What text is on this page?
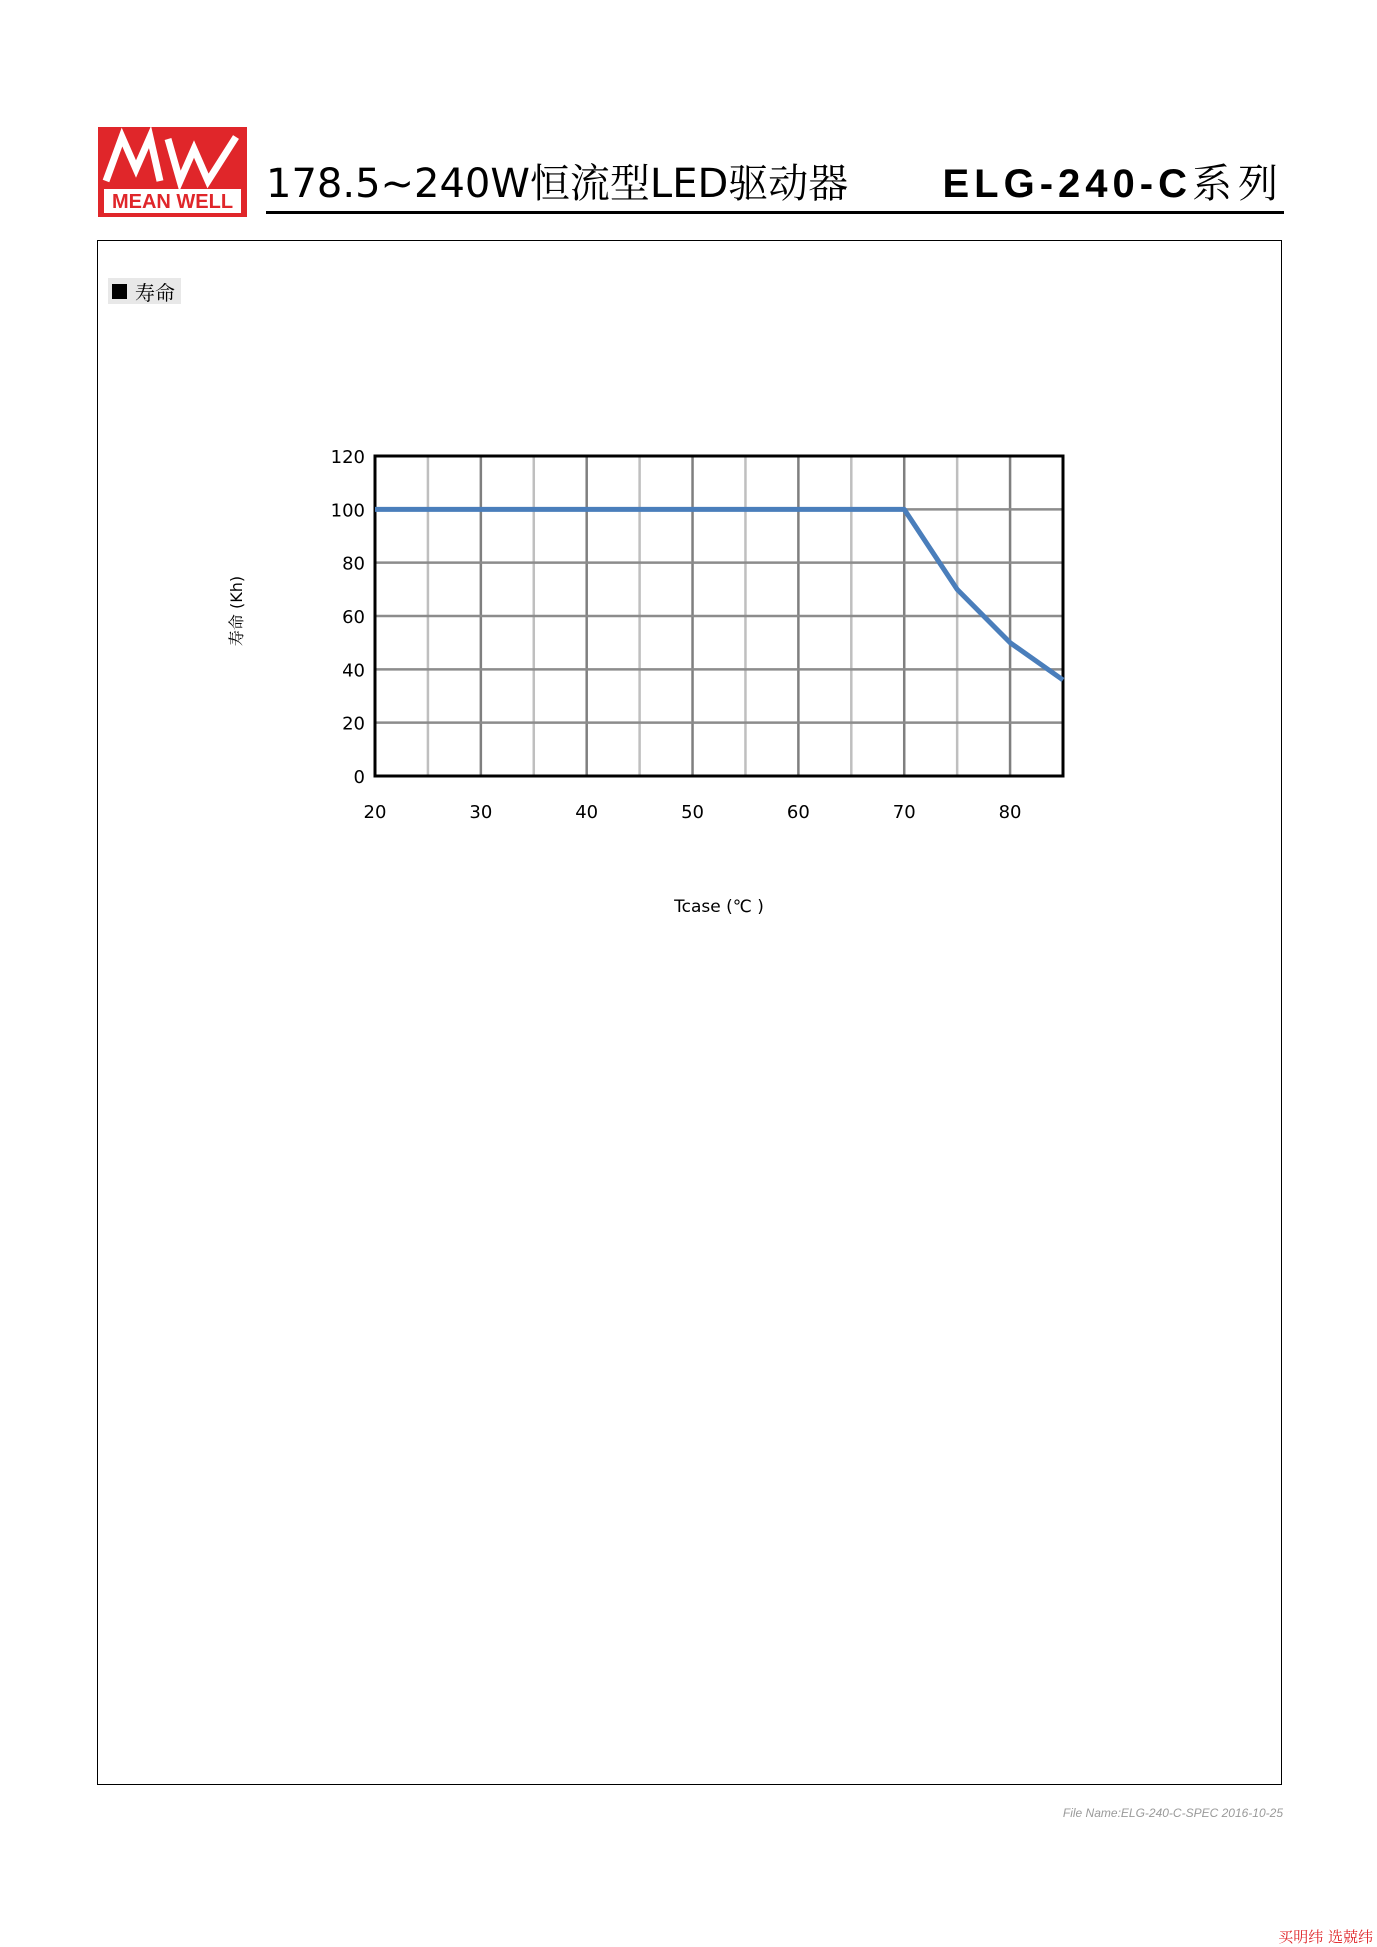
MEAN WELL 178.5~240W恒流型LED驱动器 ELG-240-C系列
寿命
20	30	40	50	60	70	80
0
20
40
60
80
100
120
Tcase (℃ )
寿命 (Kh)
File Name:ELG-240-C-SPEC 2016-10-25
买明纬 选兢纬
